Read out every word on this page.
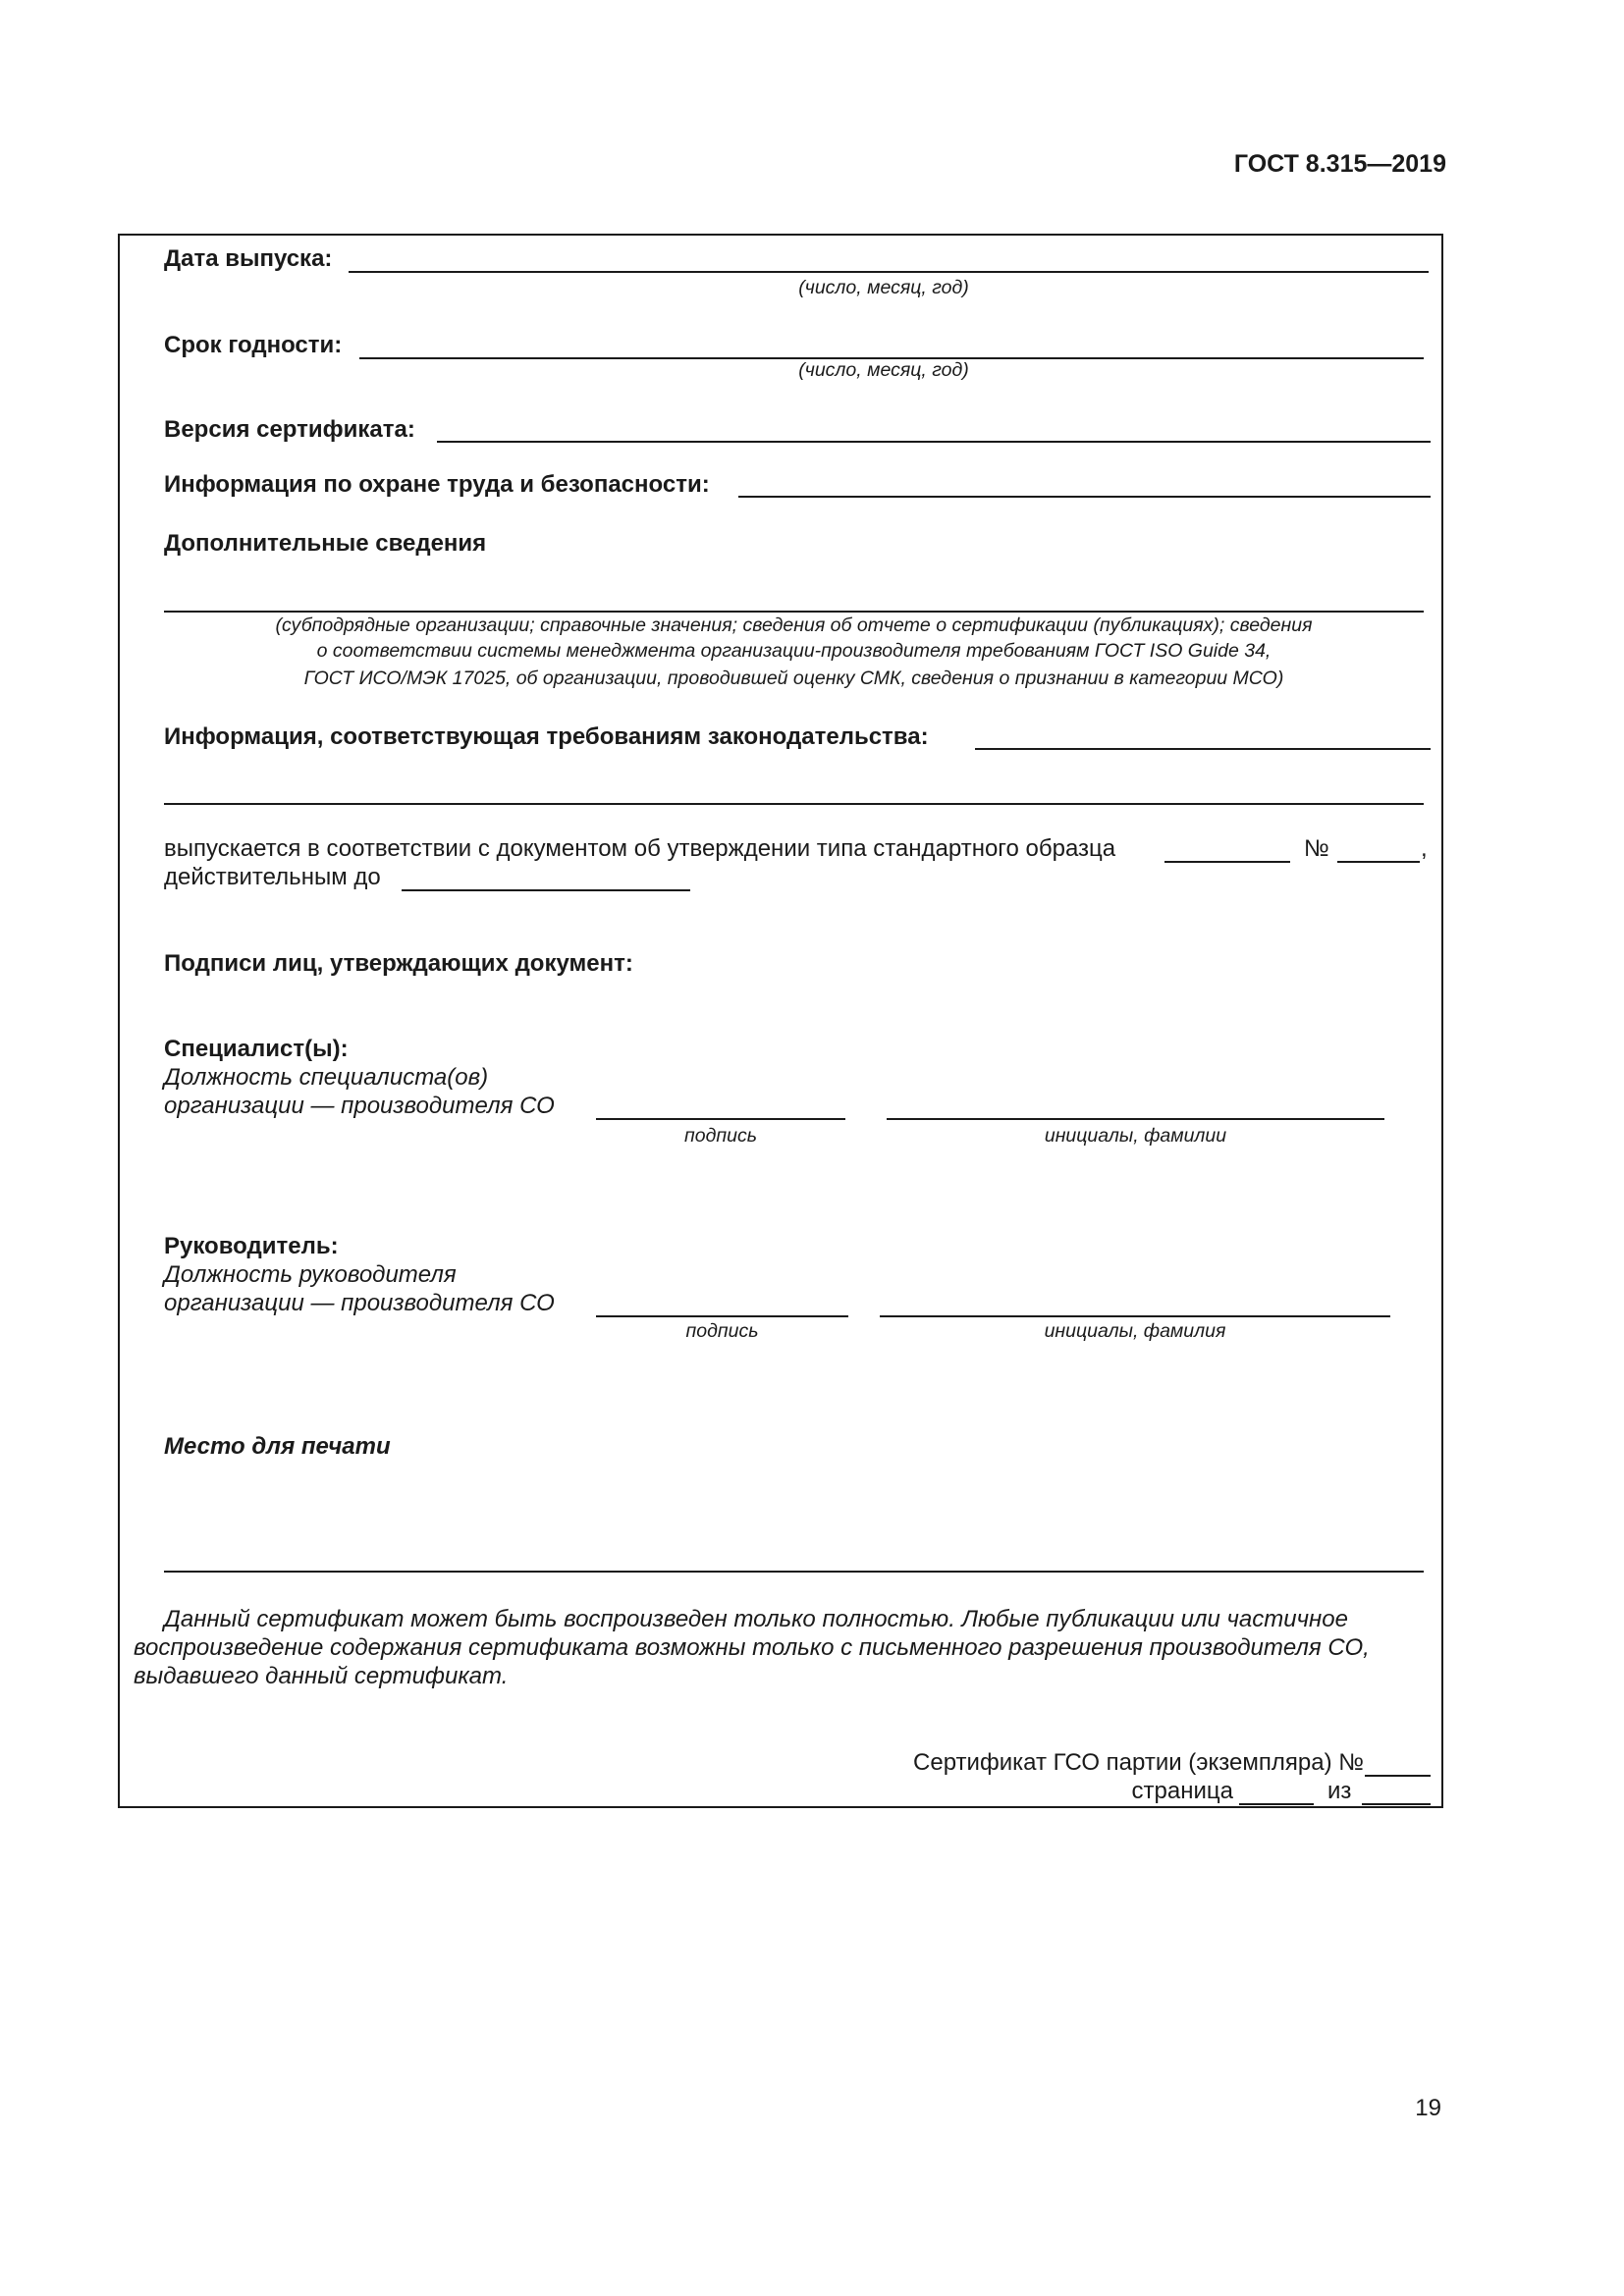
ГОСТ 8.315—2019
Дата выпуска:
(число, месяц, год)
Срок годности:
(число, месяц, год)
Версия сертификата:
Информация по охране труда и безопасности:
Дополнительные сведения
(субподрядные организации; справочные значения; сведения об отчете о сертификации (публикациях); сведения
о соответствии системы менеджмента организации-производителя требованиям ГОСТ ISO Guide 34,
ГОСТ ИСО/МЭК 17025, об организации, проводившей оценку СМК, сведения о признании в категории МСО)
Информация, соответствующая требованиям законодательства:
выпускается в соответствии с документом об утверждении типа стандартного образца	№	,
действительным до
Подписи лиц, утверждающих документ:
Специалист(ы):
Должность специалиста(ов)
организации — производителя СО
подпись	инициалы, фамилии
Руководитель:
Должность руководителя
организации — производителя СО
подпись	инициалы, фамилия
Место для печати
Данный сертификат может быть воспроизведен только полностью. Любые публикации или частичное
воспроизведение содержания сертификата возможны только с письменного разрешения производителя СО,
выдавшего данный сертификат.
Сертификат ГСО партии (экземпляра) №
страница	из
19
